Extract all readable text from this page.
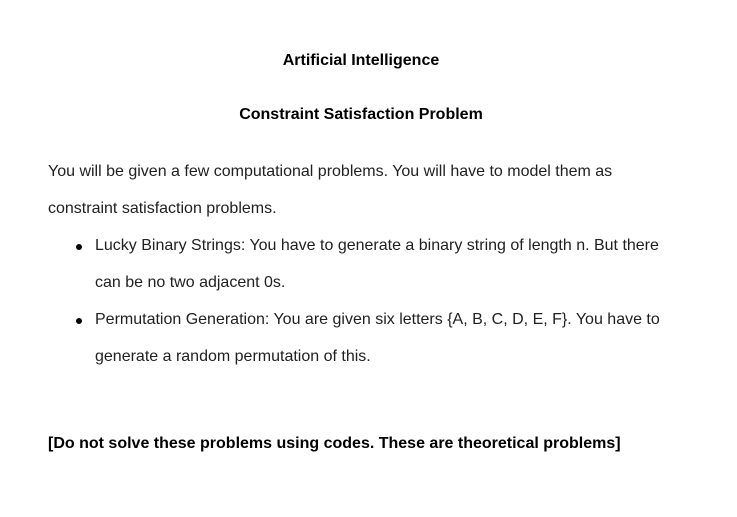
Artificial Intelligence
Constraint Satisfaction Problem
You will be given a few computational problems. You will have to model them as
constraint satisfaction problems.
Lucky Binary Strings: You have to generate a binary string of length n. But there
can be no two adjacent 0s.
Permutation Generation: You are given six letters {A, B, C, D, E, F}. You have to
generate a random permutation of this.
[Do not solve these problems using codes. These are theoretical problems]
